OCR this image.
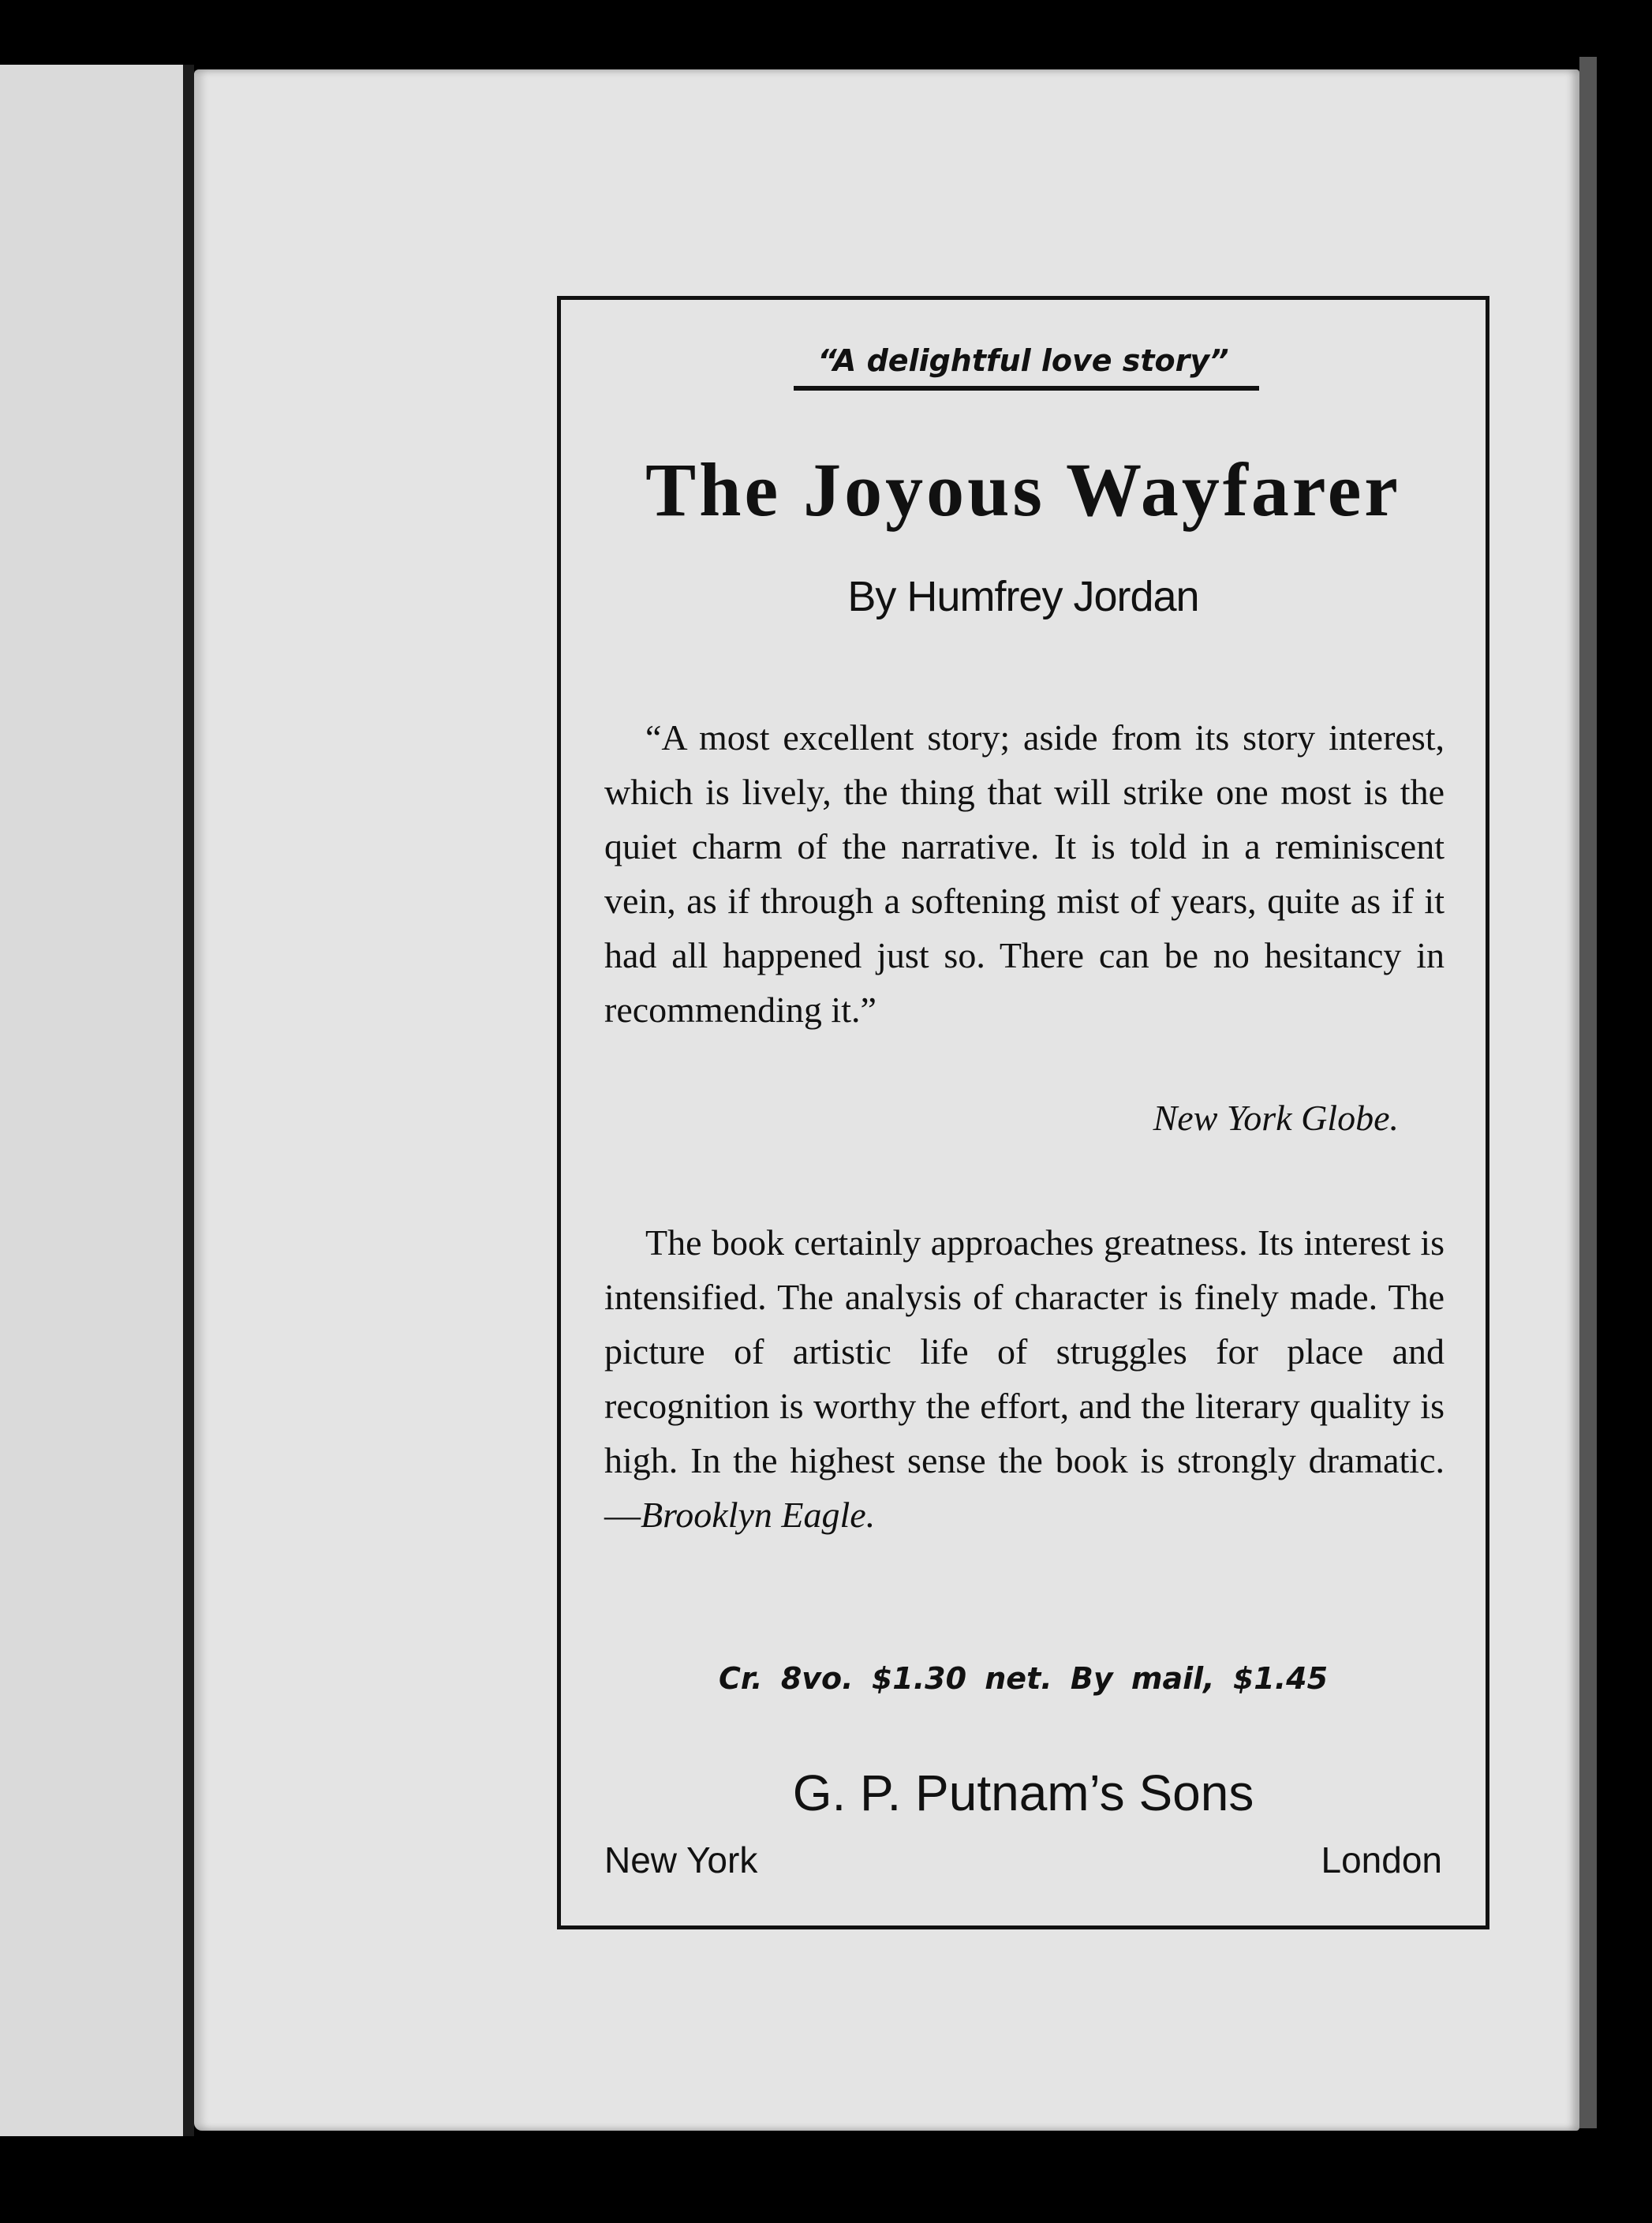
“A delightful love story”
The Joyous Wayfarer
By Humfrey Jordan

“A most excellent story; aside from its story interest, which is lively, the thing that will strike one most is the quiet charm of the narrative. It is told in a reminiscent vein, as if through a softening mist of years, quite as if it had all happened just so. There can be no hesitancy in recommending it.”

New York Globe.

The book certainly approaches greatness. Its interest is intensified. The analysis of character is finely made. The picture of artistic life of struggles for place and recognition is worthy the effort, and the literary quality is high. In the highest sense the book is strongly dramatic.—Brooklyn Eagle.

Cr. 8vo. $1.30 net. By mail, $1.45
G. P. Putnam’s Sons
New York	London
